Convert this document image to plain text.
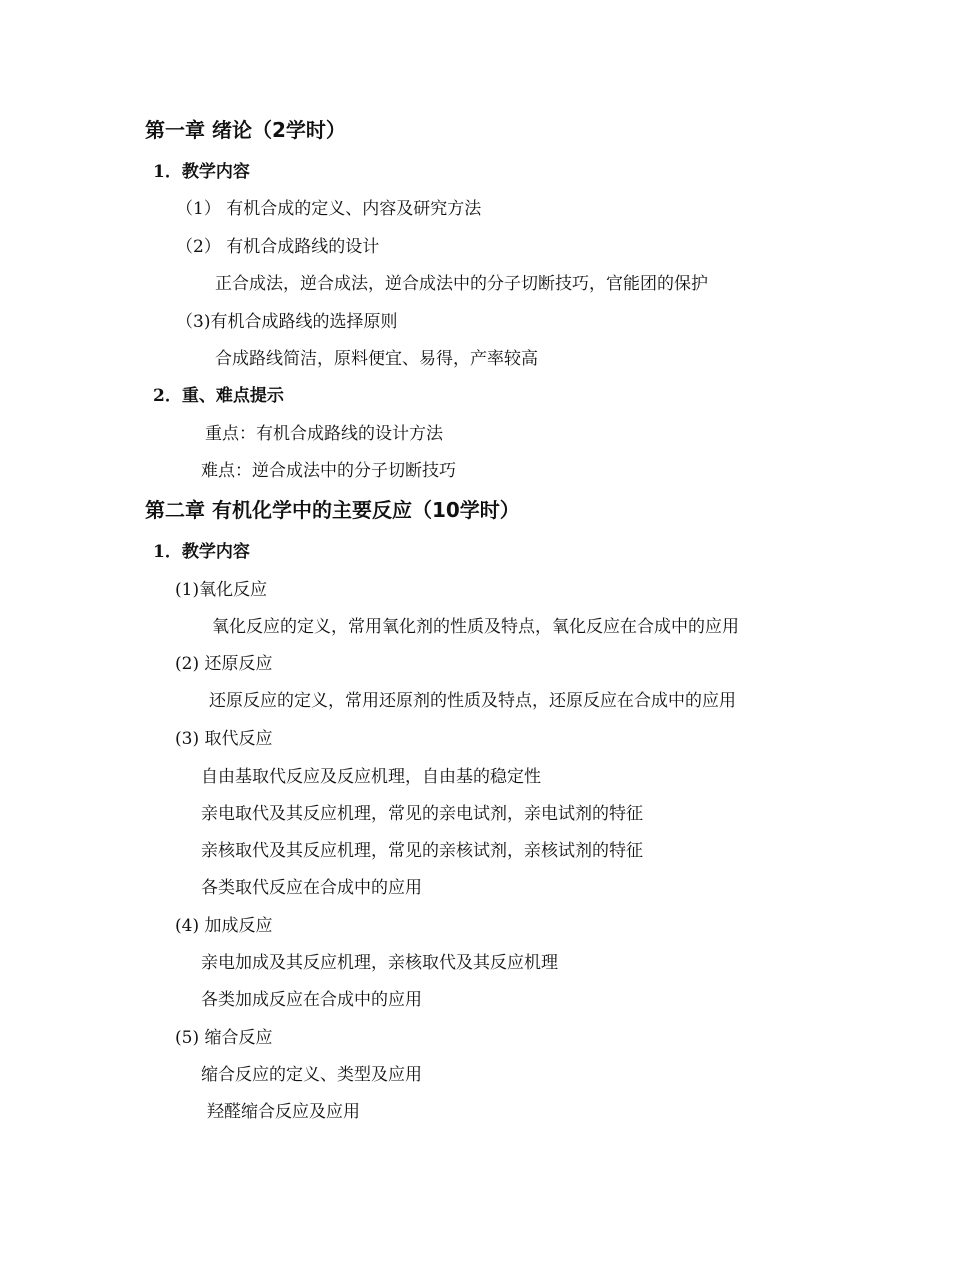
第一章 绪论（2学时）
1．教学内容
（1） 有机合成的定义、内容及研究方法
（2） 有机合成路线的设计
正合成法，逆合成法，逆合成法中的分子切断技巧，官能团的保护
（3)有机合成路线的选择原则
合成路线简洁，原料便宜、易得，产率较高
2．重、难点提示
重点：有机合成路线的设计方法
难点：逆合成法中的分子切断技巧
第二章 有机化学中的主要反应（10学时）
1．教学内容
(1)氧化反应
氧化反应的定义，常用氧化剂的性质及特点，氧化反应在合成中的应用
(2) 还原反应
还原反应的定义，常用还原剂的性质及特点，还原反应在合成中的应用
(3) 取代反应
自由基取代反应及反应机理，自由基的稳定性
亲电取代及其反应机理，常见的亲电试剂，亲电试剂的特征
亲核取代及其反应机理，常见的亲核试剂，亲核试剂的特征
各类取代反应在合成中的应用
(4) 加成反应
亲电加成及其反应机理，亲核取代及其反应机理
各类加成反应在合成中的应用
(5) 缩合反应
缩合反应的定义、类型及应用
羟醛缩合反应及应用
